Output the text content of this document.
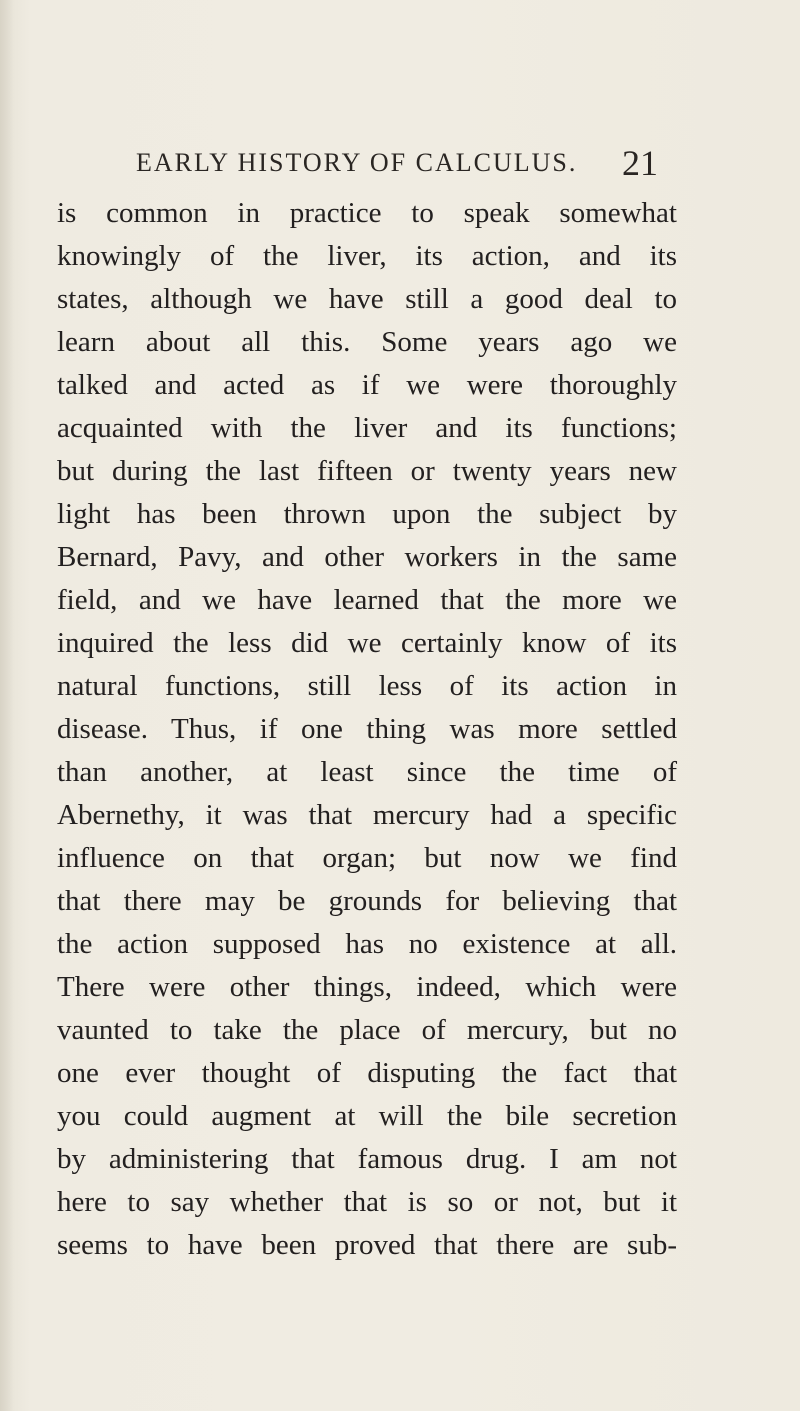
EARLY HISTORY OF CALCULUS. 21
is common in practice to speak somewhat
knowingly of the liver, its action, and its
states, although we have still a good deal to
learn about all this. Some years ago we
talked and acted as if we were thoroughly
acquainted with the liver and its functions;
but during the last fifteen or twenty years new
light has been thrown upon the subject by
Bernard, Pavy, and other workers in the same
field, and we have learned that the more we
inquired the less did we certainly know of its
natural functions, still less of its action in
disease. Thus, if one thing was more settled
than another, at least since the time of
Abernethy, it was that mercury had a specific
influence on that organ; but now we find
that there may be grounds for believing that
the action supposed has no existence at all.
There were other things, indeed, which were
vaunted to take the place of mercury, but no
one ever thought of disputing the fact that
you could augment at will the bile secretion
by administering that famous drug. I am not
here to say whether that is so or not, but it
seems to have been proved that there are sub-
